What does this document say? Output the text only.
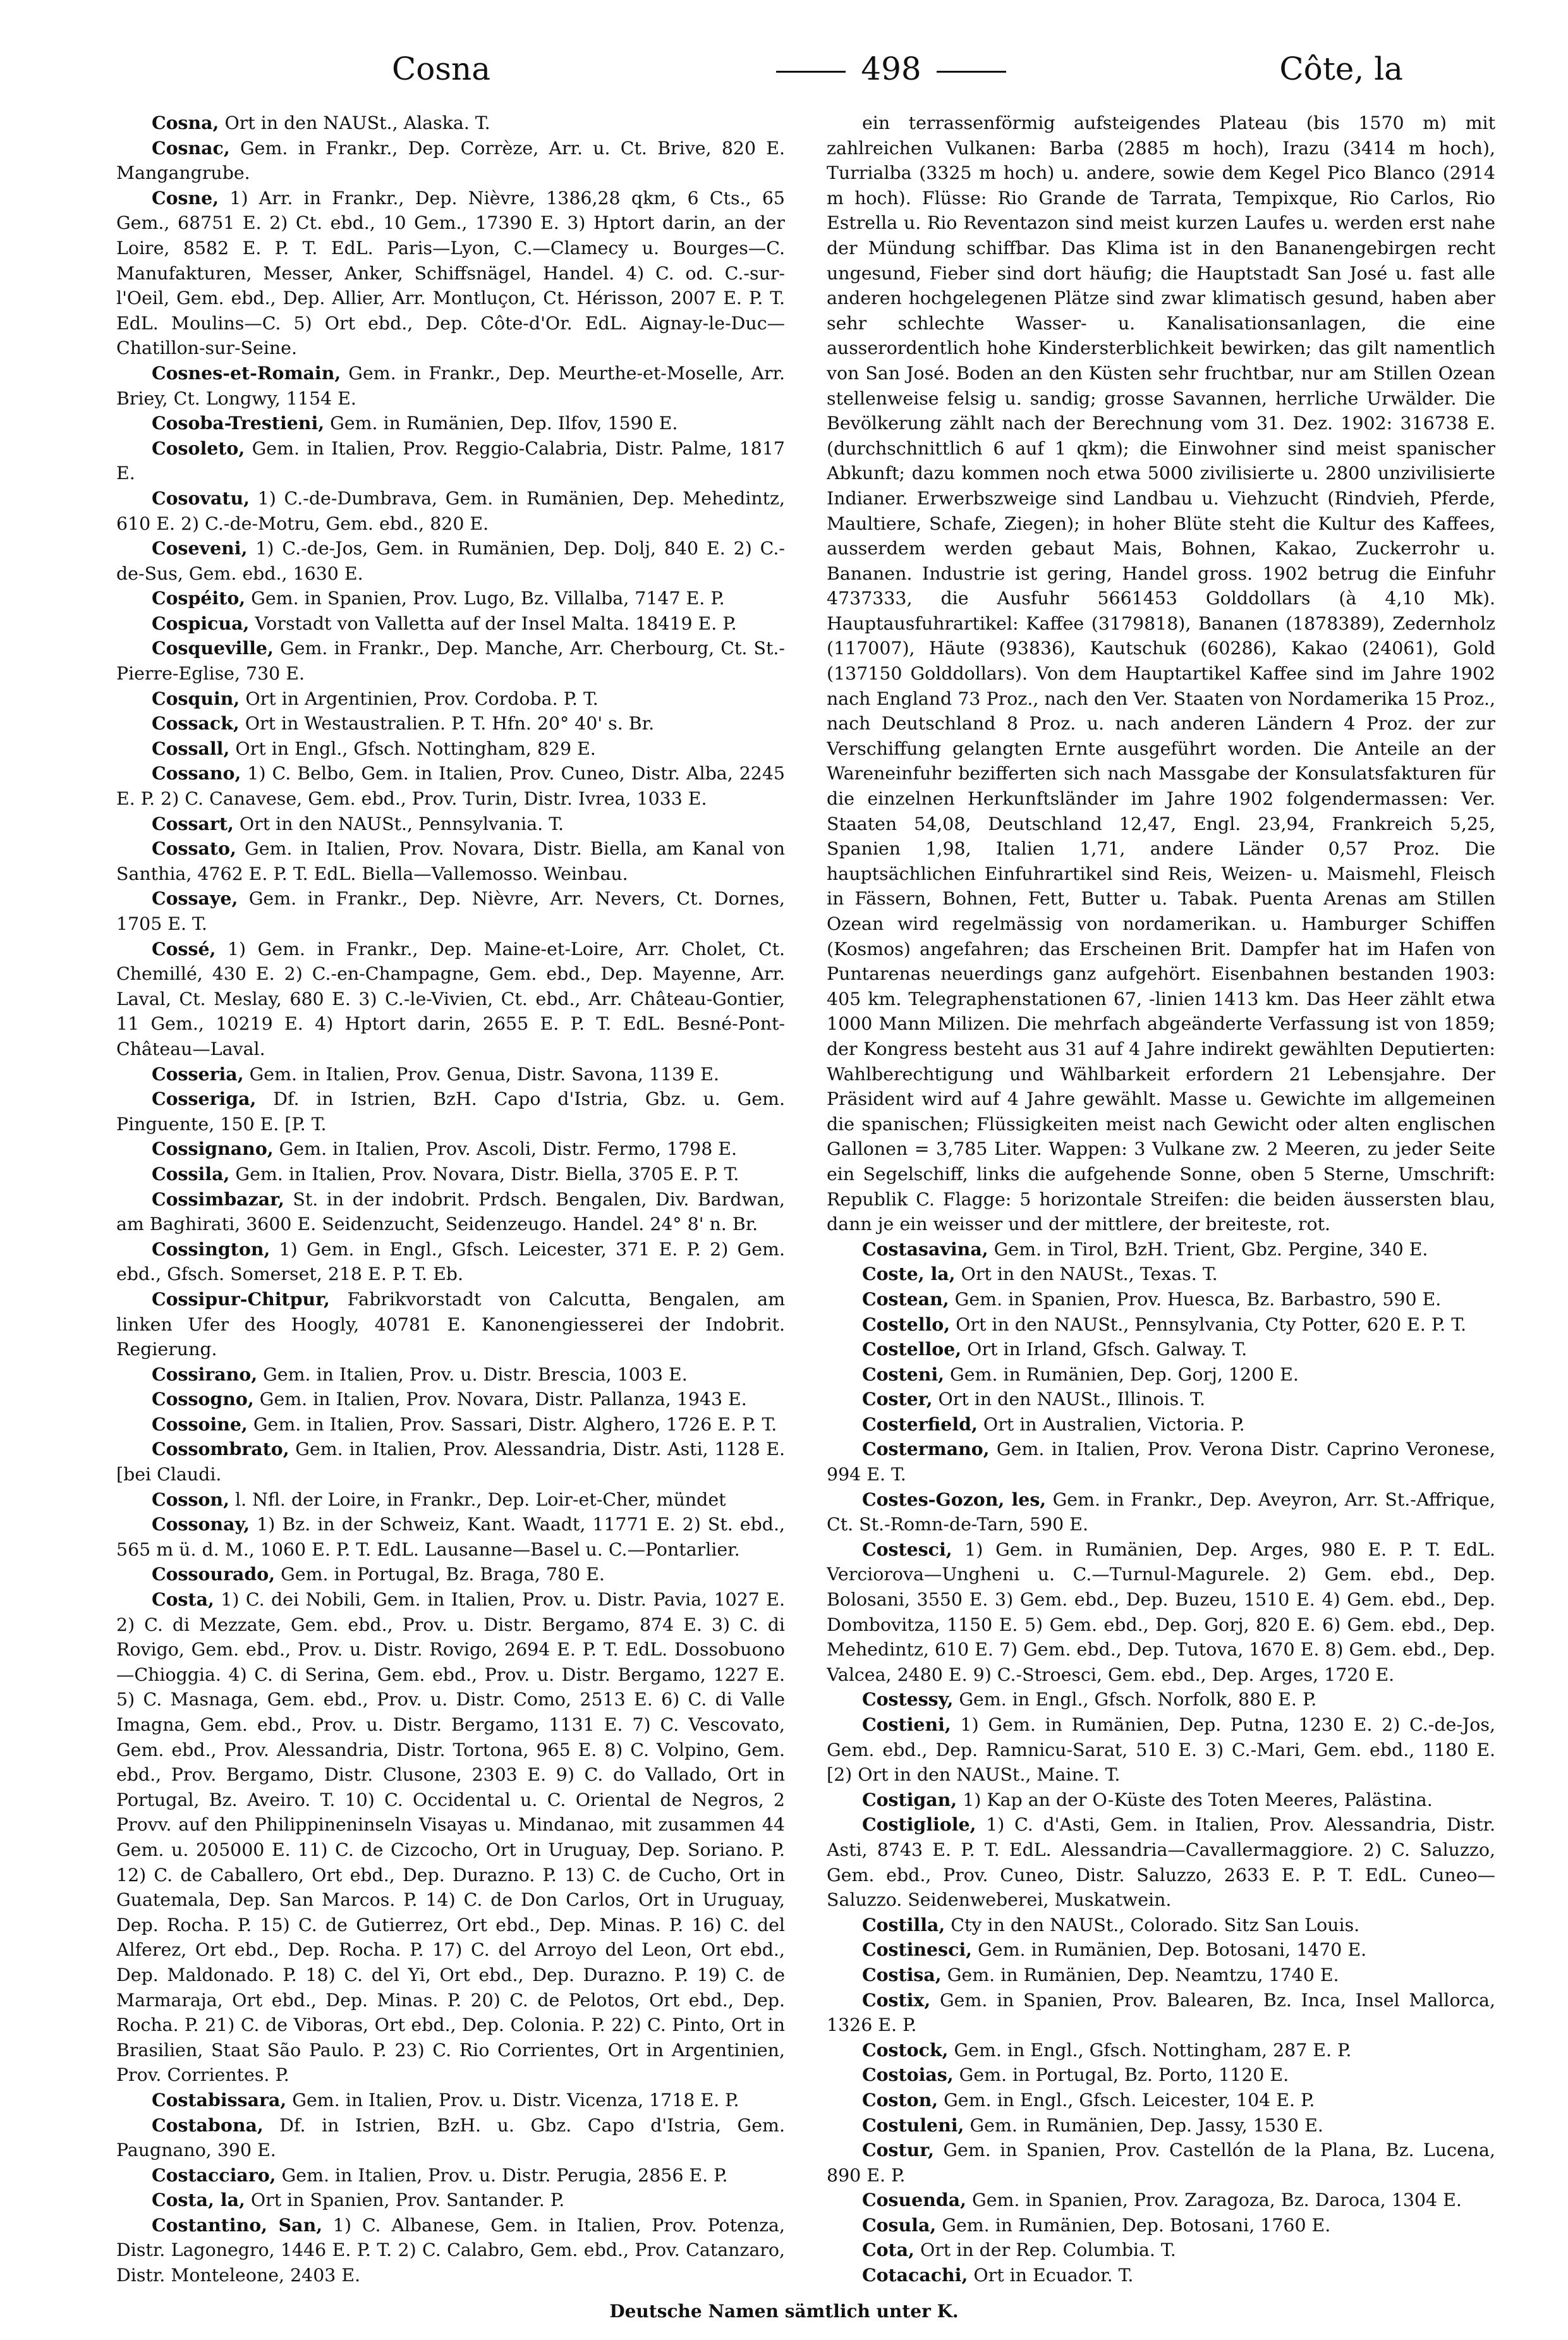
Cosna	498	Côte, la

Cosna, Ort in den NAUSt., Alaska. T.

Cosnac, Gem. in Frankr., Dep. Corrèze, Arr. u. Ct. Brive, 820 E. Mangangrube.

Cosne, 1) Arr. in Frankr., Dep. Nièvre, 1386,28 qkm, 6 Cts., 65 Gem., 68751 E. 2) Ct. ebd., 10 Gem., 17390 E. 3) Hptort darin, an der Loire, 8582 E. P. T. EdL. Paris—Lyon, C.—Clamecy u. Bourges—C. Manufakturen, Messer, Anker, Schiffsnägel, Handel. 4) C. od. C.-sur-l'Oeil, Gem. ebd., Dep. Allier, Arr. Montluçon, Ct. Hérisson, 2007 E. P. T. EdL. Moulins—C. 5) Ort ebd., Dep. Côte-d'Or. EdL. Aignay-le-Duc—Chatillon-sur-Seine.

Cosnes-et-Romain, Gem. in Frankr., Dep. Meurthe-et-Moselle, Arr. Briey, Ct. Longwy, 1154 E.

Cosoba-Trestieni, Gem. in Rumänien, Dep. Ilfov, 1590 E.

Cosoleto, Gem. in Italien, Prov. Reggio-Calabria, Distr. Palme, 1817 E.

Cosovatu, 1) C.-de-Dumbrava, Gem. in Rumänien, Dep. Mehedintz, 610 E. 2) C.-de-Motru, Gem. ebd., 820 E.

Coseveni, 1) C.-de-Jos, Gem. in Rumänien, Dep. Dolj, 840 E. 2) C.-de-Sus, Gem. ebd., 1630 E.

Cospéito, Gem. in Spanien, Prov. Lugo, Bz. Villalba, 7147 E. P.

Cospicua, Vorstadt von Valletta auf der Insel Malta. 18419 E. P.

Cosqueville, Gem. in Frankr., Dep. Manche, Arr. Cherbourg, Ct. St.-Pierre-Eglise, 730 E.

Cosquin, Ort in Argentinien, Prov. Cordoba. P. T.

Cossack, Ort in Westaustralien. P. T. Hfn. 20° 40' s. Br.

Cossall, Ort in Engl., Gfsch. Nottingham, 829 E.

Cossano, 1) C. Belbo, Gem. in Italien, Prov. Cuneo, Distr. Alba, 2245 E. P. 2) C. Canavese, Gem. ebd., Prov. Turin, Distr. Ivrea, 1033 E.

Cossart, Ort in den NAUSt., Pennsylvania. T.

Cossato, Gem. in Italien, Prov. Novara, Distr. Biella, am Kanal von Santhia, 4762 E. P. T. EdL. Biella—Vallemosso. Weinbau.

Cossaye, Gem. in Frankr., Dep. Nièvre, Arr. Nevers, Ct. Dornes, 1705 E. T.

Cossé, 1) Gem. in Frankr., Dep. Maine-et-Loire, Arr. Cholet, Ct. Chemillé, 430 E. 2) C.-en-Champagne, Gem. ebd., Dep. Mayenne, Arr. Laval, Ct. Meslay, 680 E. 3) C.-le-Vivien, Ct. ebd., Arr. Château-Gontier, 11 Gem., 10219 E. 4) Hptort darin, 2655 E. P. T. EdL. Besné-Pont-Château—Laval.

Cosseria, Gem. in Italien, Prov. Genua, Distr. Savona, 1139 E.

Cosseriga, Df. in Istrien, BzH. Capo d'Istria, Gbz. u. Gem. Pinguente, 150 E. [P. T.

Cossignano, Gem. in Italien, Prov. Ascoli, Distr. Fermo, 1798 E.

Cossila, Gem. in Italien, Prov. Novara, Distr. Biella, 3705 E. P. T.

Cossimbazar, St. in der indobrit. Prdsch. Bengalen, Div. Bardwan, am Baghirati, 3600 E. Seidenzucht, Seidenzeugo. Handel. 24° 8' n. Br.

Cossington, 1) Gem. in Engl., Gfsch. Leicester, 371 E. P. 2) Gem. ebd., Gfsch. Somerset, 218 E. P. T. Eb.

Cossipur-Chitpur, Fabrikvorstadt von Calcutta, Bengalen, am linken Ufer des Hoogly, 40781 E. Kanonengiesserei der Indobrit. Regierung.

Cossirano, Gem. in Italien, Prov. u. Distr. Brescia, 1003 E.

Cossogno, Gem. in Italien, Prov. Novara, Distr. Pallanza, 1943 E.

Cossoine, Gem. in Italien, Prov. Sassari, Distr. Alghero, 1726 E. P. T.

Cossombrato, Gem. in Italien, Prov. Alessandria, Distr. Asti, 1128 E. [bei Claudi.

Cosson, l. Nfl. der Loire, in Frankr., Dep. Loir-et-Cher, mündet

Cossonay, 1) Bz. in der Schweiz, Kant. Waadt, 11771 E. 2) St. ebd., 565 m ü. d. M., 1060 E. P. T. EdL. Lausanne—Basel u. C.—Pontarlier.

Cossourado, Gem. in Portugal, Bz. Braga, 780 E.

Costa, 1) C. dei Nobili, Gem. in Italien, Prov. u. Distr. Pavia, 1027 E. 2) C. di Mezzate, Gem. ebd., Prov. u. Distr. Bergamo, 874 E. 3) C. di Rovigo, Gem. ebd., Prov. u. Distr. Rovigo, 2694 E. P. T. EdL. Dossobuono—Chioggia. 4) C. di Serina, Gem. ebd., Prov. u. Distr. Bergamo, 1227 E. 5) C. Masnaga, Gem. ebd., Prov. u. Distr. Como, 2513 E. 6) C. di Valle Imagna, Gem. ebd., Prov. u. Distr. Bergamo, 1131 E. 7) C. Vescovato, Gem. ebd., Prov. Alessandria, Distr. Tortona, 965 E. 8) C. Volpino, Gem. ebd., Prov. Bergamo, Distr. Clusone, 2303 E. 9) C. do Vallado, Ort in Portugal, Bz. Aveiro. T. 10) C. Occidental u. C. Oriental de Negros, 2 Provv. auf den Philippineninseln Visayas u. Mindanao, mit zusammen 44 Gem. u. 205000 E. 11) C. de Cizcocho, Ort in Uruguay, Dep. Soriano. P. 12) C. de Caballero, Ort ebd., Dep. Durazno. P. 13) C. de Cucho, Ort in Guatemala, Dep. San Marcos. P. 14) C. de Don Carlos, Ort in Uruguay, Dep. Rocha. P. 15) C. de Gutierrez, Ort ebd., Dep. Minas. P. 16) C. del Alferez, Ort ebd., Dep. Rocha. P. 17) C. del Arroyo del Leon, Ort ebd., Dep. Maldonado. P. 18) C. del Yi, Ort ebd., Dep. Durazno. P. 19) C. de Marmaraja, Ort ebd., Dep. Minas. P. 20) C. de Pelotos, Ort ebd., Dep. Rocha. P. 21) C. de Viboras, Ort ebd., Dep. Colonia. P. 22) C. Pinto, Ort in Brasilien, Staat São Paulo. P. 23) C. Rio Corrientes, Ort in Argentinien, Prov. Corrientes. P.

Costabissara, Gem. in Italien, Prov. u. Distr. Vicenza, 1718 E. P.

Costabona, Df. in Istrien, BzH. u. Gbz. Capo d'Istria, Gem. Paugnano, 390 E.

Costacciaro, Gem. in Italien, Prov. u. Distr. Perugia, 2856 E. P.

Costa, la, Ort in Spanien, Prov. Santander. P.

Costantino, San, 1) C. Albanese, Gem. in Italien, Prov. Potenza, Distr. Lagonegro, 1446 E. P. T. 2) C. Calabro, Gem. ebd., Prov. Catanzaro, Distr. Monteleone, 2403 E.

ein terrassenförmig aufsteigendes Plateau (bis 1570 m) mit zahlreichen Vulkanen: Barba (2885 m hoch), Irazu (3414 m hoch), Turrialba (3325 m hoch) u. andere, sowie dem Kegel Pico Blanco (2914 m hoch). Flüsse: Rio Grande de Tarrata, Tempixque, Rio Carlos, Rio Estrella u. Rio Reventazon sind meist kurzen Laufes u. werden erst nahe der Mündung schiffbar. Das Klima ist in den Bananengebirgen recht ungesund, Fieber sind dort häufig; die Hauptstadt San José u. fast alle anderen hochgelegenen Plätze sind zwar klimatisch gesund, haben aber sehr schlechte Wasser- u. Kanalisationsanlagen, die eine ausserordentlich hohe Kindersterblichkeit bewirken; das gilt namentlich von San José. Boden an den Küsten sehr fruchtbar, nur am Stillen Ozean stellenweise felsig u. sandig; grosse Savannen, herrliche Urwälder. Die Bevölkerung zählt nach der Berechnung vom 31. Dez. 1902: 316738 E. (durchschnittlich 6 auf 1 qkm); die Einwohner sind meist spanischer Abkunft; dazu kommen noch etwa 5000 zivilisierte u. 2800 unzivilisierte Indianer. Erwerbszweige sind Landbau u. Viehzucht (Rindvieh, Pferde, Maultiere, Schafe, Ziegen); in hoher Blüte steht die Kultur des Kaffees, ausserdem werden gebaut Mais, Bohnen, Kakao, Zuckerrohr u. Bananen. Industrie ist gering, Handel gross. 1902 betrug die Einfuhr 4737333, die Ausfuhr 5661453 Golddollars (à 4,10 Mk). Hauptausfuhrartikel: Kaffee (3179818), Bananen (1878389), Zedernholz (117007), Häute (93836), Kautschuk (60286), Kakao (24061), Gold (137150 Golddollars). Von dem Hauptartikel Kaffee sind im Jahre 1902 nach England 73 Proz., nach den Ver. Staaten von Nordamerika 15 Proz., nach Deutschland 8 Proz. u. nach anderen Ländern 4 Proz. der zur Verschiffung gelangten Ernte ausgeführt worden. Die Anteile an der Wareneinfuhr bezifferten sich nach Massgabe der Konsulatsfakturen für die einzelnen Herkunftsländer im Jahre 1902 folgendermassen: Ver. Staaten 54,08, Deutschland 12,47, Engl. 23,94, Frankreich 5,25, Spanien 1,98, Italien 1,71, andere Länder 0,57 Proz. Die hauptsächlichen Einfuhrartikel sind Reis, Weizen- u. Maismehl, Fleisch in Fässern, Bohnen, Fett, Butter u. Tabak. Puenta Arenas am Stillen Ozean wird regelmässig von nordamerikan. u. Hamburger Schiffen (Kosmos) angefahren; das Erscheinen Brit. Dampfer hat im Hafen von Puntarenas neuerdings ganz aufgehört. Eisenbahnen bestanden 1903: 405 km. Telegraphenstationen 67, -linien 1413 km. Das Heer zählt etwa 1000 Mann Milizen. Die mehrfach abgeänderte Verfassung ist von 1859; der Kongress besteht aus 31 auf 4 Jahre indirekt gewählten Deputierten: Wahlberechtigung und Wählbarkeit erfordern 21 Lebensjahre. Der Präsident wird auf 4 Jahre gewählt. Masse u. Gewichte im allgemeinen die spanischen; Flüssigkeiten meist nach Gewicht oder alten englischen Gallonen = 3,785 Liter. Wappen: 3 Vulkane zw. 2 Meeren, zu jeder Seite ein Segelschiff, links die aufgehende Sonne, oben 5 Sterne, Umschrift: Republik C. Flagge: 5 horizontale Streifen: die beiden äussersten blau, dann je ein weisser und der mittlere, der breiteste, rot.

Costasavina, Gem. in Tirol, BzH. Trient, Gbz. Pergine, 340 E.

Coste, la, Ort in den NAUSt., Texas. T.

Costean, Gem. in Spanien, Prov. Huesca, Bz. Barbastro, 590 E.

Costello, Ort in den NAUSt., Pennsylvania, Cty Potter, 620 E. P. T.

Costelloe, Ort in Irland, Gfsch. Galway. T.

Costeni, Gem. in Rumänien, Dep. Gorj, 1200 E.

Coster, Ort in den NAUSt., Illinois. T.

Costerfield, Ort in Australien, Victoria. P.

Costermano, Gem. in Italien, Prov. Verona Distr. Caprino Veronese, 994 E. T.

Costes-Gozon, les, Gem. in Frankr., Dep. Aveyron, Arr. St.-Affrique, Ct. St.-Romn-de-Tarn, 590 E.

Costesci, 1) Gem. in Rumänien, Dep. Arges, 980 E. P. T. EdL. Verciorova—Ungheni u. C.—Turnul-Magurele. 2) Gem. ebd., Dep. Bolosani, 3550 E. 3) Gem. ebd., Dep. Buzeu, 1510 E. 4) Gem. ebd., Dep. Dombovitza, 1150 E. 5) Gem. ebd., Dep. Gorj, 820 E. 6) Gem. ebd., Dep. Mehedintz, 610 E. 7) Gem. ebd., Dep. Tutova, 1670 E. 8) Gem. ebd., Dep. Valcea, 2480 E. 9) C.-Stroesci, Gem. ebd., Dep. Arges, 1720 E.

Costessy, Gem. in Engl., Gfsch. Norfolk, 880 E. P.

Costieni, 1) Gem. in Rumänien, Dep. Putna, 1230 E. 2) C.-de-Jos, Gem. ebd., Dep. Ramnicu-Sarat, 510 E. 3) C.-Mari, Gem. ebd., 1180 E. [2) Ort in den NAUSt., Maine. T.

Costigan, 1) Kap an der O-Küste des Toten Meeres, Palästina.

Costigliole, 1) C. d'Asti, Gem. in Italien, Prov. Alessandria, Distr. Asti, 8743 E. P. T. EdL. Alessandria—Cavallermaggiore. 2) C. Saluzzo, Gem. ebd., Prov. Cuneo, Distr. Saluzzo, 2633 E. P. T. EdL. Cuneo—Saluzzo. Seidenweberei, Muskatwein.

Costilla, Cty in den NAUSt., Colorado. Sitz San Louis.

Costinesci, Gem. in Rumänien, Dep. Botosani, 1470 E.

Costisa, Gem. in Rumänien, Dep. Neamtzu, 1740 E.

Costix, Gem. in Spanien, Prov. Balearen, Bz. Inca, Insel Mallorca, 1326 E. P.

Costock, Gem. in Engl., Gfsch. Nottingham, 287 E. P.

Costoias, Gem. in Portugal, Bz. Porto, 1120 E.

Coston, Gem. in Engl., Gfsch. Leicester, 104 E. P.

Costuleni, Gem. in Rumänien, Dep. Jassy, 1530 E.

Costur, Gem. in Spanien, Prov. Castellón de la Plana, Bz. Lucena, 890 E. P.

Cosuenda, Gem. in Spanien, Prov. Zaragoza, Bz. Daroca, 1304 E.

Cosula, Gem. in Rumänien, Dep. Botosani, 1760 E.

Cota, Ort in der Rep. Columbia. T.

Cotacachi, Ort in Ecuador. T.

Deutsche Namen sämtlich unter K.
